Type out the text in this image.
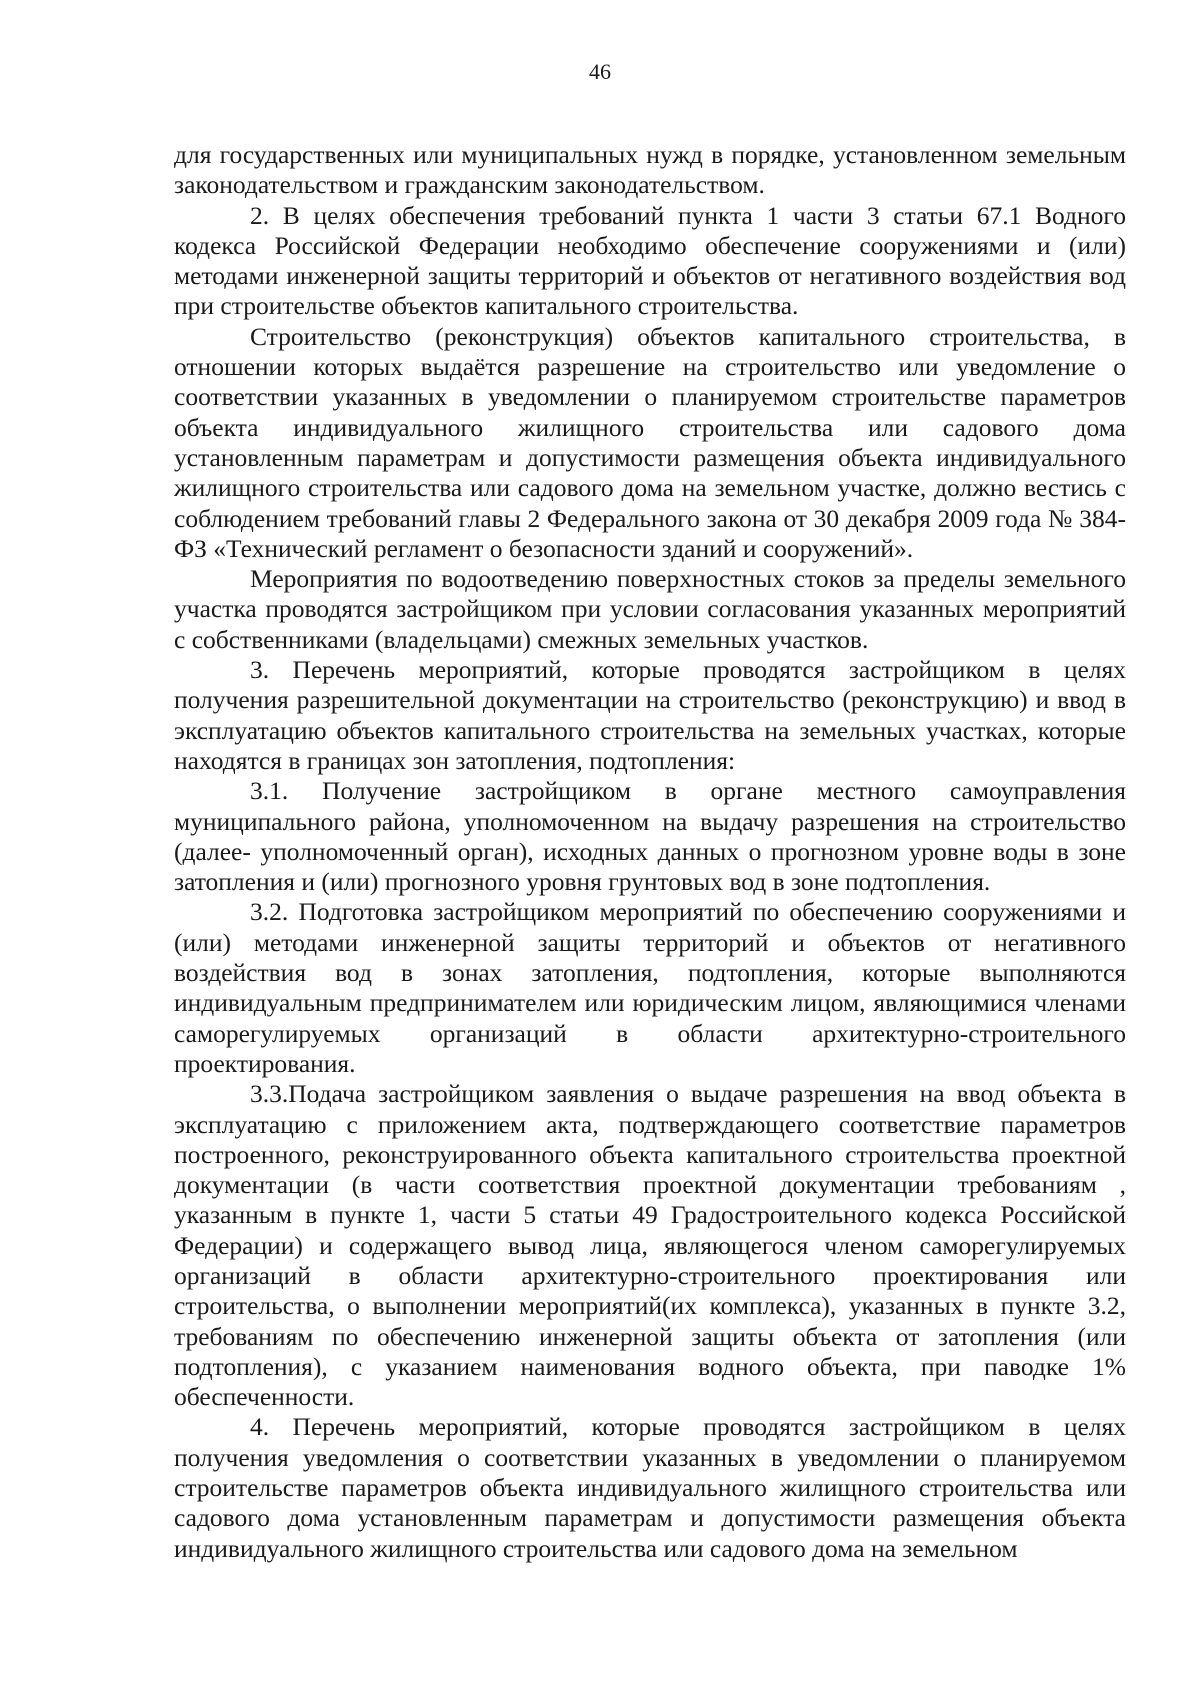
46

для государственных или муниципальных нужд в порядке, установленном земельным законодательством и гражданским законодательством.

2. В целях обеспечения требований пункта 1 части 3 статьи 67.1 Водного кодекса Российской Федерации необходимо обеспечение сооружениями и (или) методами инженерной защиты территорий и объектов от негативного воздействия вод при строительстве объектов капитального строительства.

Строительство (реконструкция) объектов капитального строительства, в отношении которых выдаётся разрешение на строительство или уведомление о соответствии указанных в уведомлении о планируемом строительстве параметров объекта индивидуального жилищного строительства или садового дома установленным параметрам и допустимости размещения объекта индивидуального жилищного строительства или садового дома на земельном участке, должно вестись с соблюдением требований главы 2 Федерального закона от 30 декабря 2009 года № 384-ФЗ «Технический регламент о безопасности зданий и сооружений».

Мероприятия по водоотведению поверхностных стоков за пределы земельного участка проводятся застройщиком при условии согласования указанных мероприятий с собственниками (владельцами) смежных земельных участков.

3. Перечень мероприятий, которые проводятся застройщиком в целях получения разрешительной документации на строительство (реконструкцию) и ввод в эксплуатацию объектов капитального строительства на земельных участках, которые находятся в границах зон затопления, подтопления:

3.1. Получение застройщиком в органе местного самоуправления муниципального района, уполномоченном на выдачу разрешения на строительство (далее- уполномоченный орган), исходных данных о прогнозном уровне воды в зоне затопления и (или) прогнозного уровня грунтовых вод в зоне подтопления.

3.2. Подготовка застройщиком мероприятий по обеспечению сооружениями и (или) методами инженерной защиты территорий и объектов от негативного воздействия вод в зонах затопления, подтопления, которые выполняются индивидуальным предпринимателем или юридическим лицом, являющимися членами саморегулируемых организаций в области архитектурно-строительного проектирования.

3.3.Подача застройщиком заявления о выдаче разрешения на ввод объекта в эксплуатацию с приложением акта, подтверждающего соответствие параметров построенного, реконструированного объекта капитального строительства проектной документации (в части соответствия проектной документации требованиям , указанным в пункте 1, части 5 статьи 49 Градостроительного кодекса Российской Федерации) и содержащего вывод лица, являющегося членом саморегулируемых организаций в области архитектурно-строительного проектирования или строительства, о выполнении мероприятий(их комплекса), указанных в пункте 3.2, требованиям по обеспечению инженерной защиты объекта от затопления (или подтопления), с указанием наименования водного объекта, при паводке 1% обеспеченности.

4. Перечень мероприятий, которые проводятся застройщиком в целях получения уведомления о соответствии указанных в уведомлении о планируемом строительстве параметров объекта индивидуального жилищного строительства или садового дома установленным параметрам и допустимости размещения объекта индивидуального жилищного строительства или садового дома на земельном
